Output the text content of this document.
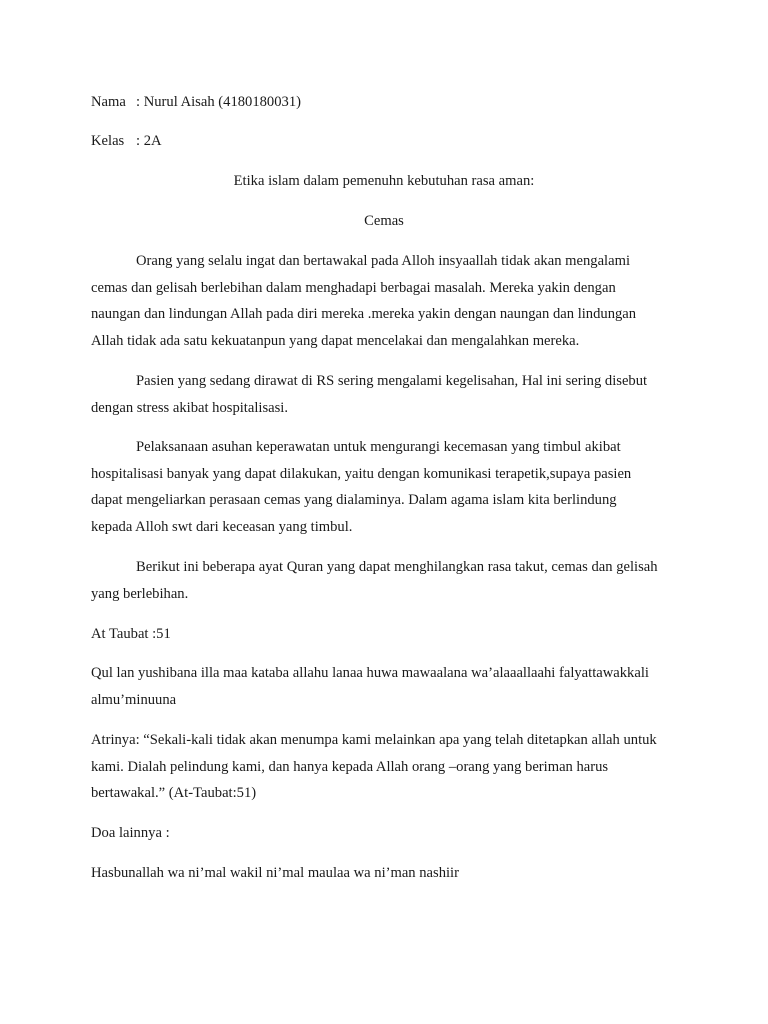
Nama : Nurul Aisah (4180180031)
Kelas : 2A
Etika islam dalam pemenuhn kebutuhan rasa aman:
Cemas
Orang yang selalu ingat dan bertawakal pada Alloh insyaallah tidak akan mengalami
cemas dan gelisah berlebihan dalam menghadapi berbagai masalah. Mereka yakin dengan
naungan dan lindungan Allah pada diri mereka .mereka yakin dengan naungan dan lindungan
Allah tidak ada satu kekuatanpun yang dapat mencelakai dan mengalahkan mereka.
Pasien yang sedang dirawat di RS sering mengalami kegelisahan, Hal ini sering disebut
dengan stress akibat hospitalisasi.
Pelaksanaan asuhan keperawatan untuk mengurangi kecemasan yang timbul akibat
hospitalisasi banyak yang dapat dilakukan, yaitu dengan komunikasi terapetik,supaya pasien
dapat mengeliarkan perasaan cemas yang dialaminya. Dalam agama islam kita berlindung
kepada Alloh swt dari keceasan yang timbul.
Berikut ini beberapa ayat Quran yang dapat menghilangkan rasa takut, cemas dan gelisah
yang berlebihan.
At Taubat :51
Qul lan yushibana illa maa kataba allahu lanaa huwa mawaalana wa’alaaallaahi falyattawakkali
almu’minuuna
Atrinya: “Sekali-kali tidak akan menumpa kami melainkan apa yang telah ditetapkan allah untuk
kami. Dialah pelindung kami, dan hanya kepada Allah orang –orang yang beriman harus
bertawakal.” (At-Taubat:51)
Doa lainnya :
Hasbunallah wa ni’mal wakil ni’mal maulaa wa ni’man nashiir
